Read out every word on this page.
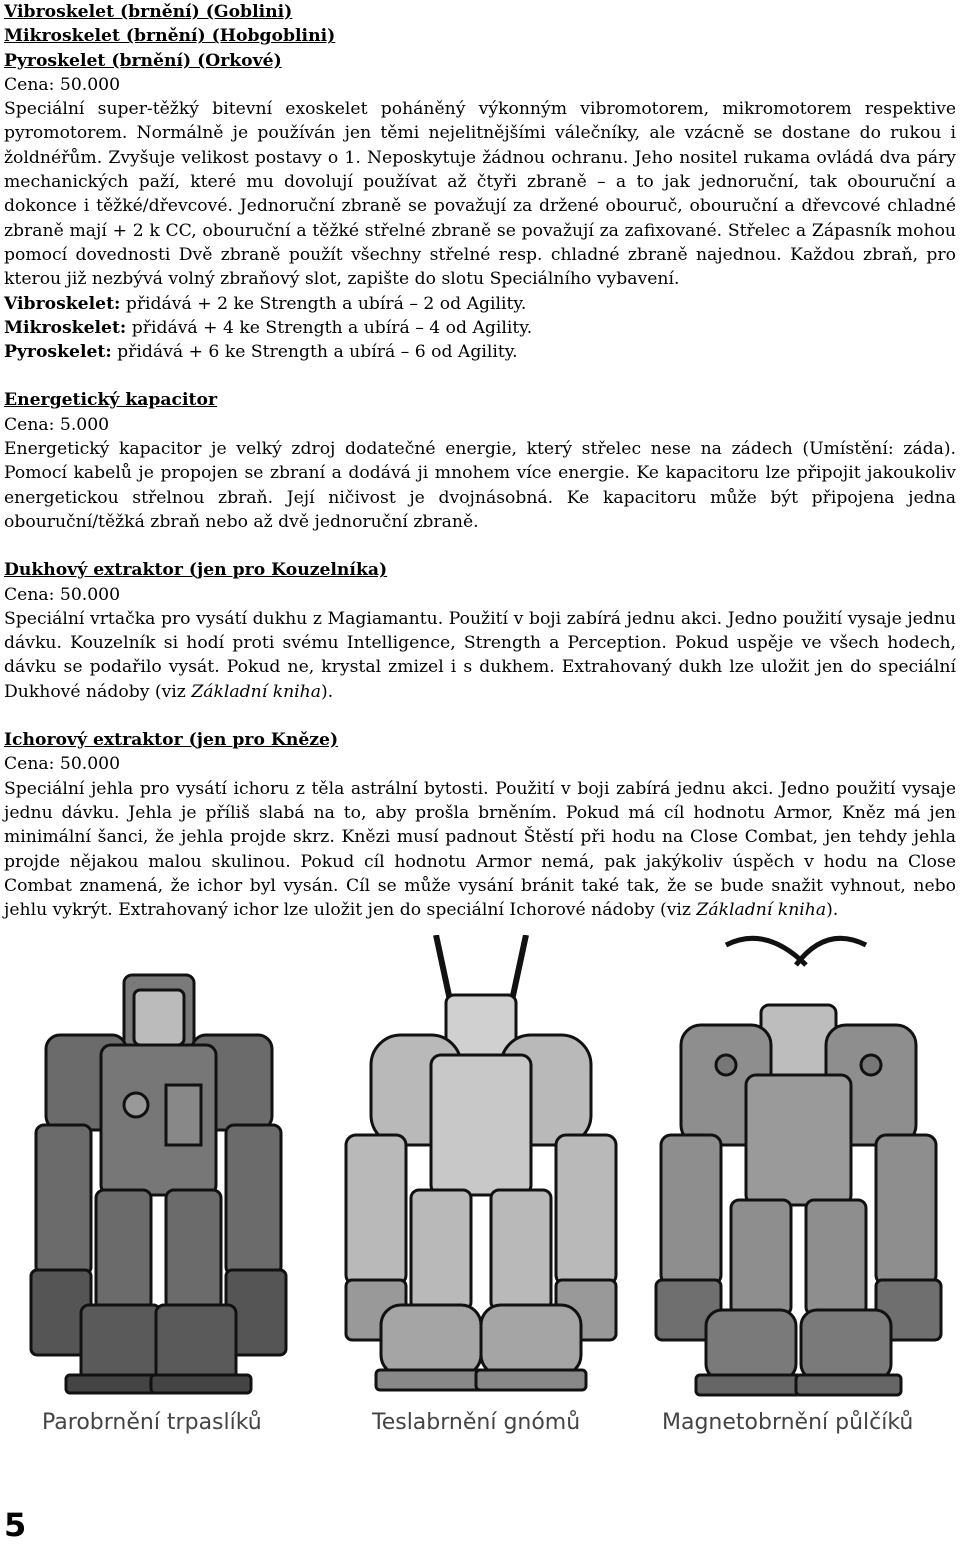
Vibroskelet (brnění) (Goblini)

Mikroskelet (brnění) (Hobgoblini)

Pyroskelet (brnění) (Orkové)

Cena: 50.000

Speciální super-těžký bitevní exoskelet poháněný výkonným vibromotorem, mikromotorem respektive pyromotorem. Normálně je používán jen těmi nejelitnějšími válečníky, ale vzácně se dostane do rukou i žoldnéřům. Zvyšuje velikost postavy o 1. Neposkytuje žádnou ochranu. Jeho nositel rukama ovládá dva páry mechanických paží, které mu dovolují používat až čtyři zbraně – a to jak jednoruční, tak obouruční a dokonce i těžké/dřevcové. Jednoruční zbraně se považují za držené obouruč, obouruční a dřevcové chladné zbraně mají + 2 k CC, obouruční a těžké střelné zbraně se považují za zafixované. Střelec a Zápasník mohou pomocí dovednosti Dvě zbraně použít všechny střelné resp. chladné zbraně najednou. Každou zbraň, pro kterou již nezbývá volný zbraňový slot, zapište do slotu Speciálního vybavení.

Vibroskelet: přidává + 2 ke Strength a ubírá – 2 od Agility.

Mikroskelet: přidává + 4 ke Strength a ubírá – 4 od Agility.

Pyroskelet: přidává + 6 ke Strength a ubírá – 6 od Agility.

Energetický kapacitor

Cena: 5.000

Energetický kapacitor je velký zdroj dodatečné energie, který střelec nese na zádech (Umístění: záda). Pomocí kabelů je propojen se zbraní a dodává ji mnohem více energie. Ke kapacitoru lze připojit jakoukoliv energetickou střelnou zbraň. Její ničivost je dvojnásobná. Ke kapacitoru může být připojena jedna obouruční/těžká zbraň nebo až dvě jednoruční zbraně.

Dukhový extraktor (jen pro Kouzelníka)

Cena: 50.000

Speciální vrtačka pro vysátí dukhu z Magiamantu. Použití v boji zabírá jednu akci. Jedno použití vysaje jednu dávku. Kouzelník si hodí proti svému Intelligence, Strength a Perception. Pokud uspěje ve všech hodech, dávku se podařilo vysát. Pokud ne, krystal zmizel i s dukhem. Extrahovaný dukh lze uložit jen do speciální Dukhové nádoby (viz Základní kniha).

Ichorový extraktor (jen pro Kněze)

Cena: 50.000

Speciální jehla pro vysátí ichoru z těla astrální bytosti. Použití v boji zabírá jednu akci. Jedno použití vysaje jednu dávku. Jehla je příliš slabá na to, aby prošla brněním. Pokud má cíl hodnotu Armor, Kněz má jen minimální šanci, že jehla projde skrz. Knězi musí padnout Štěstí při hodu na Close Combat, jen tehdy jehla projde nějakou malou skulinou. Pokud cíl hodnotu Armor nemá, pak jakýkoliv úspěch v hodu na Close Combat znamená, že ichor byl vysán. Cíl se může vysání bránit také tak, že se bude snažit vyhnout, nebo jehlu vykrýt. Extrahovaný ichor lze uložit jen do speciální Ichorové nádoby (viz Základní kniha).

Parobrnění trpaslíků	Teslabrnění gnómů	Magnetobrnění půlčíků
5
